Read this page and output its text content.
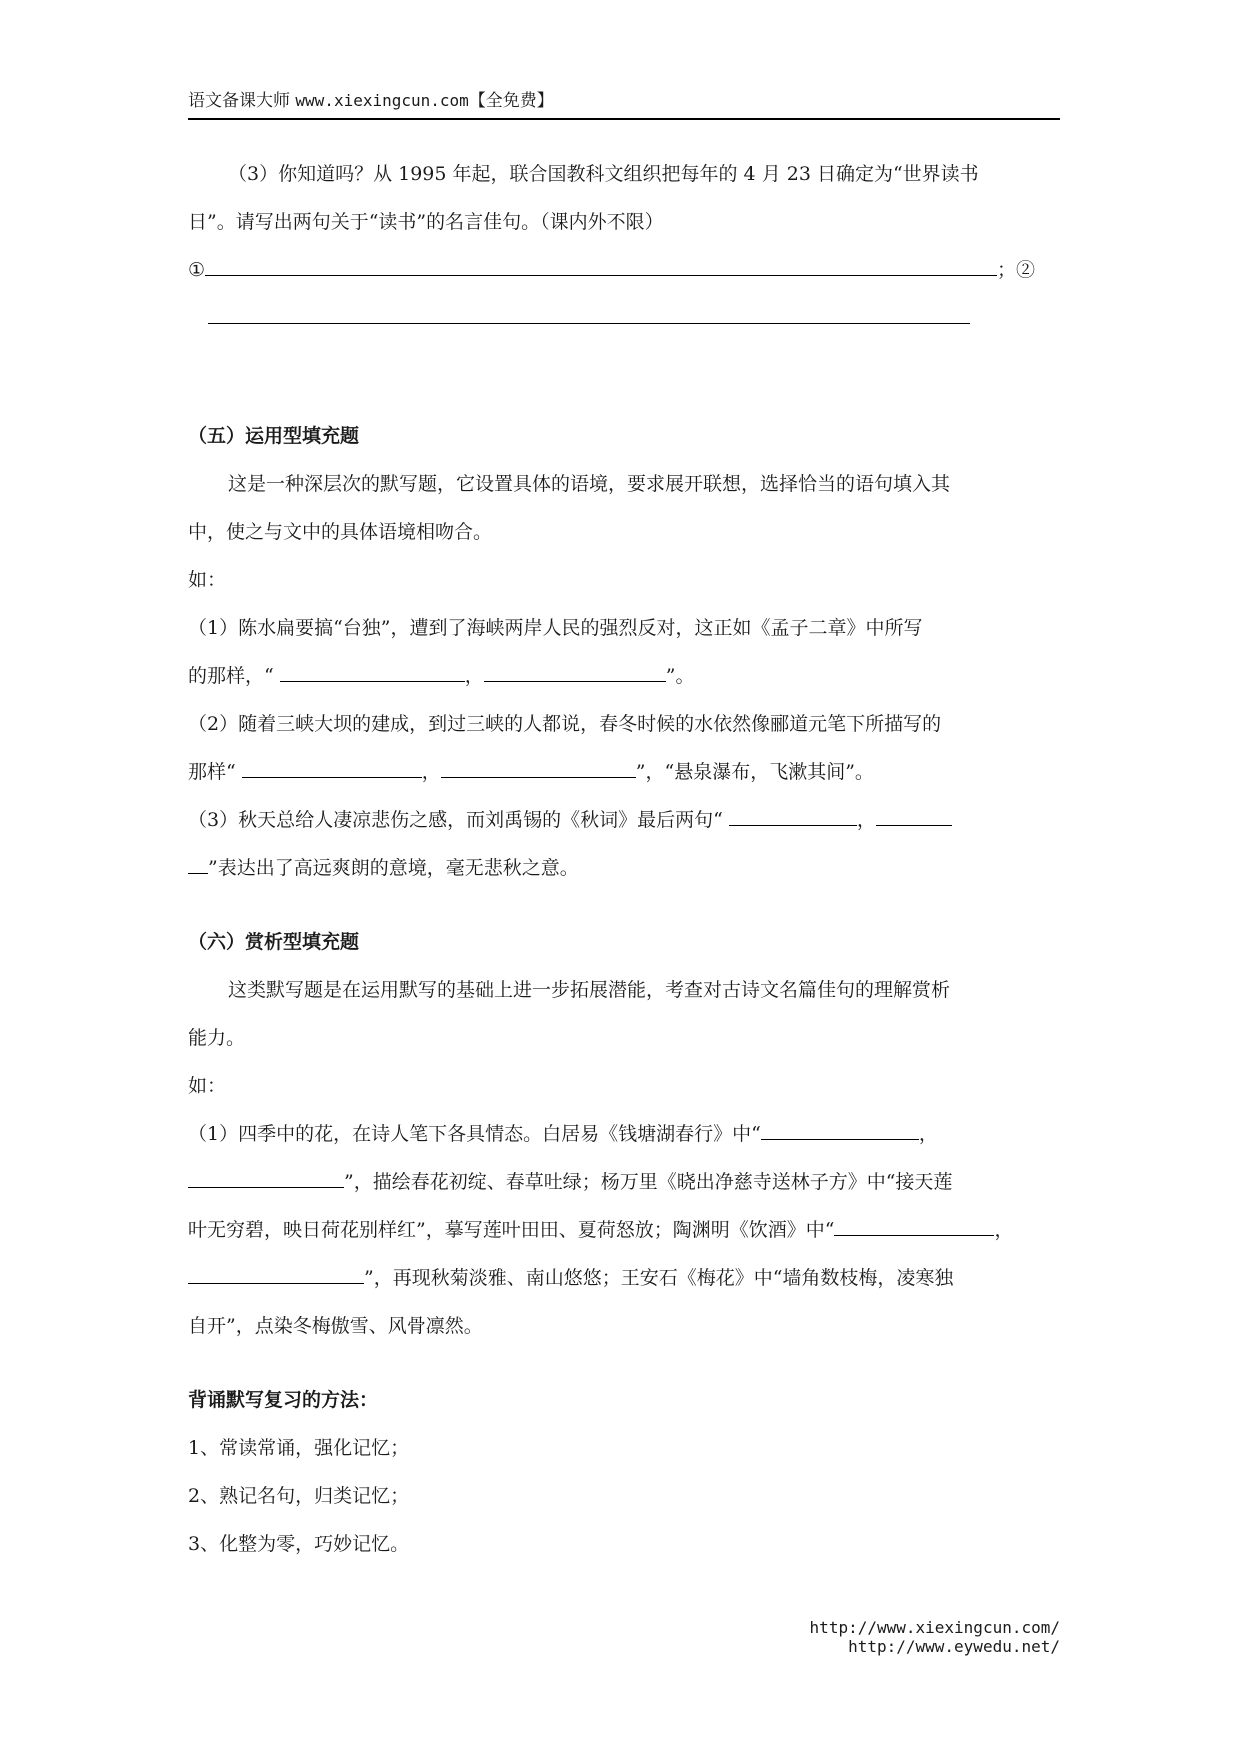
语文备课大师 www.xiexingcun.com【全免费】

（3）你知道吗？从 1995 年起，联合国教科文组织把每年的 4 月 23 日确定为“世界读书

日”。请写出两句关于“读书”的名言佳句。（课内外不限）

①	；②

（五）运用型填充题

这是一种深层次的默写题，它设置具体的语境，要求展开联想，选择恰当的语句填入其

中，使之与文中的具体语境相吻合。

如：

（1）陈水扁要搞“台独”，遭到了海峡两岸人民的强烈反对，这正如《孟子二章》中所写

的那样，“	，	”。

（2）随着三峡大坝的建成，到过三峡的人都说，春冬时候的水依然像郦道元笔下所描写的

那样“	，	”，“悬泉瀑布，飞漱其间”。

（3）秋天总给人凄凉悲伤之感，而刘禹锡的《秋词》最后两句“	，

”表达出了高远爽朗的意境，毫无悲秋之意。

（六）赏析型填充题

这类默写题是在运用默写的基础上进一步拓展潜能，考查对古诗文名篇佳句的理解赏析

能力。

如：

（1）四季中的花，在诗人笔下各具情态。白居易《钱塘湖春行》中“	，

”，描绘春花初绽、春草吐绿；杨万里《晓出净慈寺送林子方》中“接天莲

叶无穷碧，映日荷花别样红”，摹写莲叶田田、夏荷怒放；陶渊明《饮酒》中“	，

”，再现秋菊淡雅、南山悠悠；王安石《梅花》中“墙角数枝梅，凌寒独

自开”，点染冬梅傲雪、风骨凛然。

背诵默写复习的方法：

1、常读常诵，强化记忆；

2、熟记名句，归类记忆；

3、化整为零，巧妙记忆。

http://www.xiexingcun.com/ http://www.eywedu.net/
